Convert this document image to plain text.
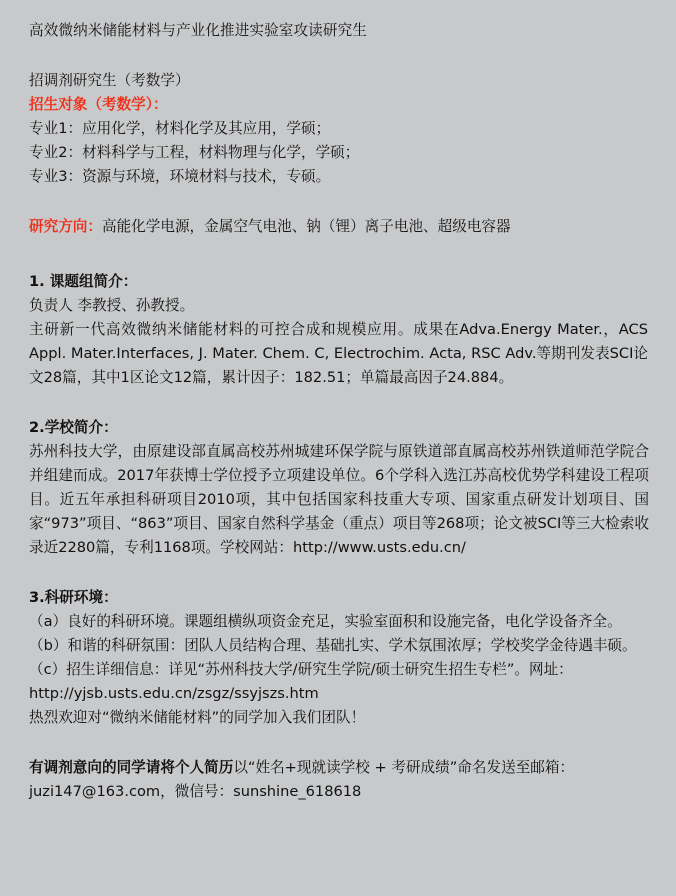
高效微纳米储能材料与产业化推进实验室攻读研究生
招调剂研究生（考数学）
招生对象（考数学）：
专业1：应用化学，材料化学及其应用，学硕；
专业2：材料科学与工程，材料物理与化学，学硕；
专业3：资源与环境，环境材料与技术，专硕。
研究方向：高能化学电源，金属空气电池、钠（锂）离子电池、超级电容器
1. 课题组简介：
负责人 李教授、孙教授。
主研新一代高效微纳米储能材料的可控合成和规模应用。成果在Adva.Energy Mater.，ACS Appl. Mater.Interfaces, J. Mater. Chem. C, Electrochim. Acta, RSC Adv.等期刊发表SCI论文28篇，其中1区论文12篇，累计因子：182.51；单篇最高因子24.884。
2.学校简介：
苏州科技大学，由原建设部直属高校苏州城建环保学院与原铁道部直属高校苏州铁道师范学院合并组建而成。2017年获博士学位授予立项建设单位。6个学科入选江苏高校优势学科建设工程项目。近五年承担科研项目2010项，其中包括国家科技重大专项、国家重点研发计划项目、国家“973”项目、“863”项目、国家自然科学基金（重点）项目等268项；论文被SCI等三大检索收录近2280篇，专利1168项。学校网站：http://www.usts.edu.cn/
3.科研环境：
（a）良好的科研环境。课题组横纵项资金充足，实验室面积和设施完备，电化学设备齐全。
（b）和谐的科研氛围：团队人员结构合理、基础扎实、学术氛围浓厚；学校奖学金待遇丰硕。
（c）招生详细信息：详见“苏州科技大学/研究生学院/硕士研究生招生专栏”。网址：
http://yjsb.usts.edu.cn/zsgz/ssyjszs.htm
热烈欢迎对“微纳米储能材料”的同学加入我们团队！
有调剂意向的同学请将个人简历以“姓名+现就读学校 + 考研成绩”命名发送至邮箱：
juzi147@163.com，微信号：sunshine_618618
